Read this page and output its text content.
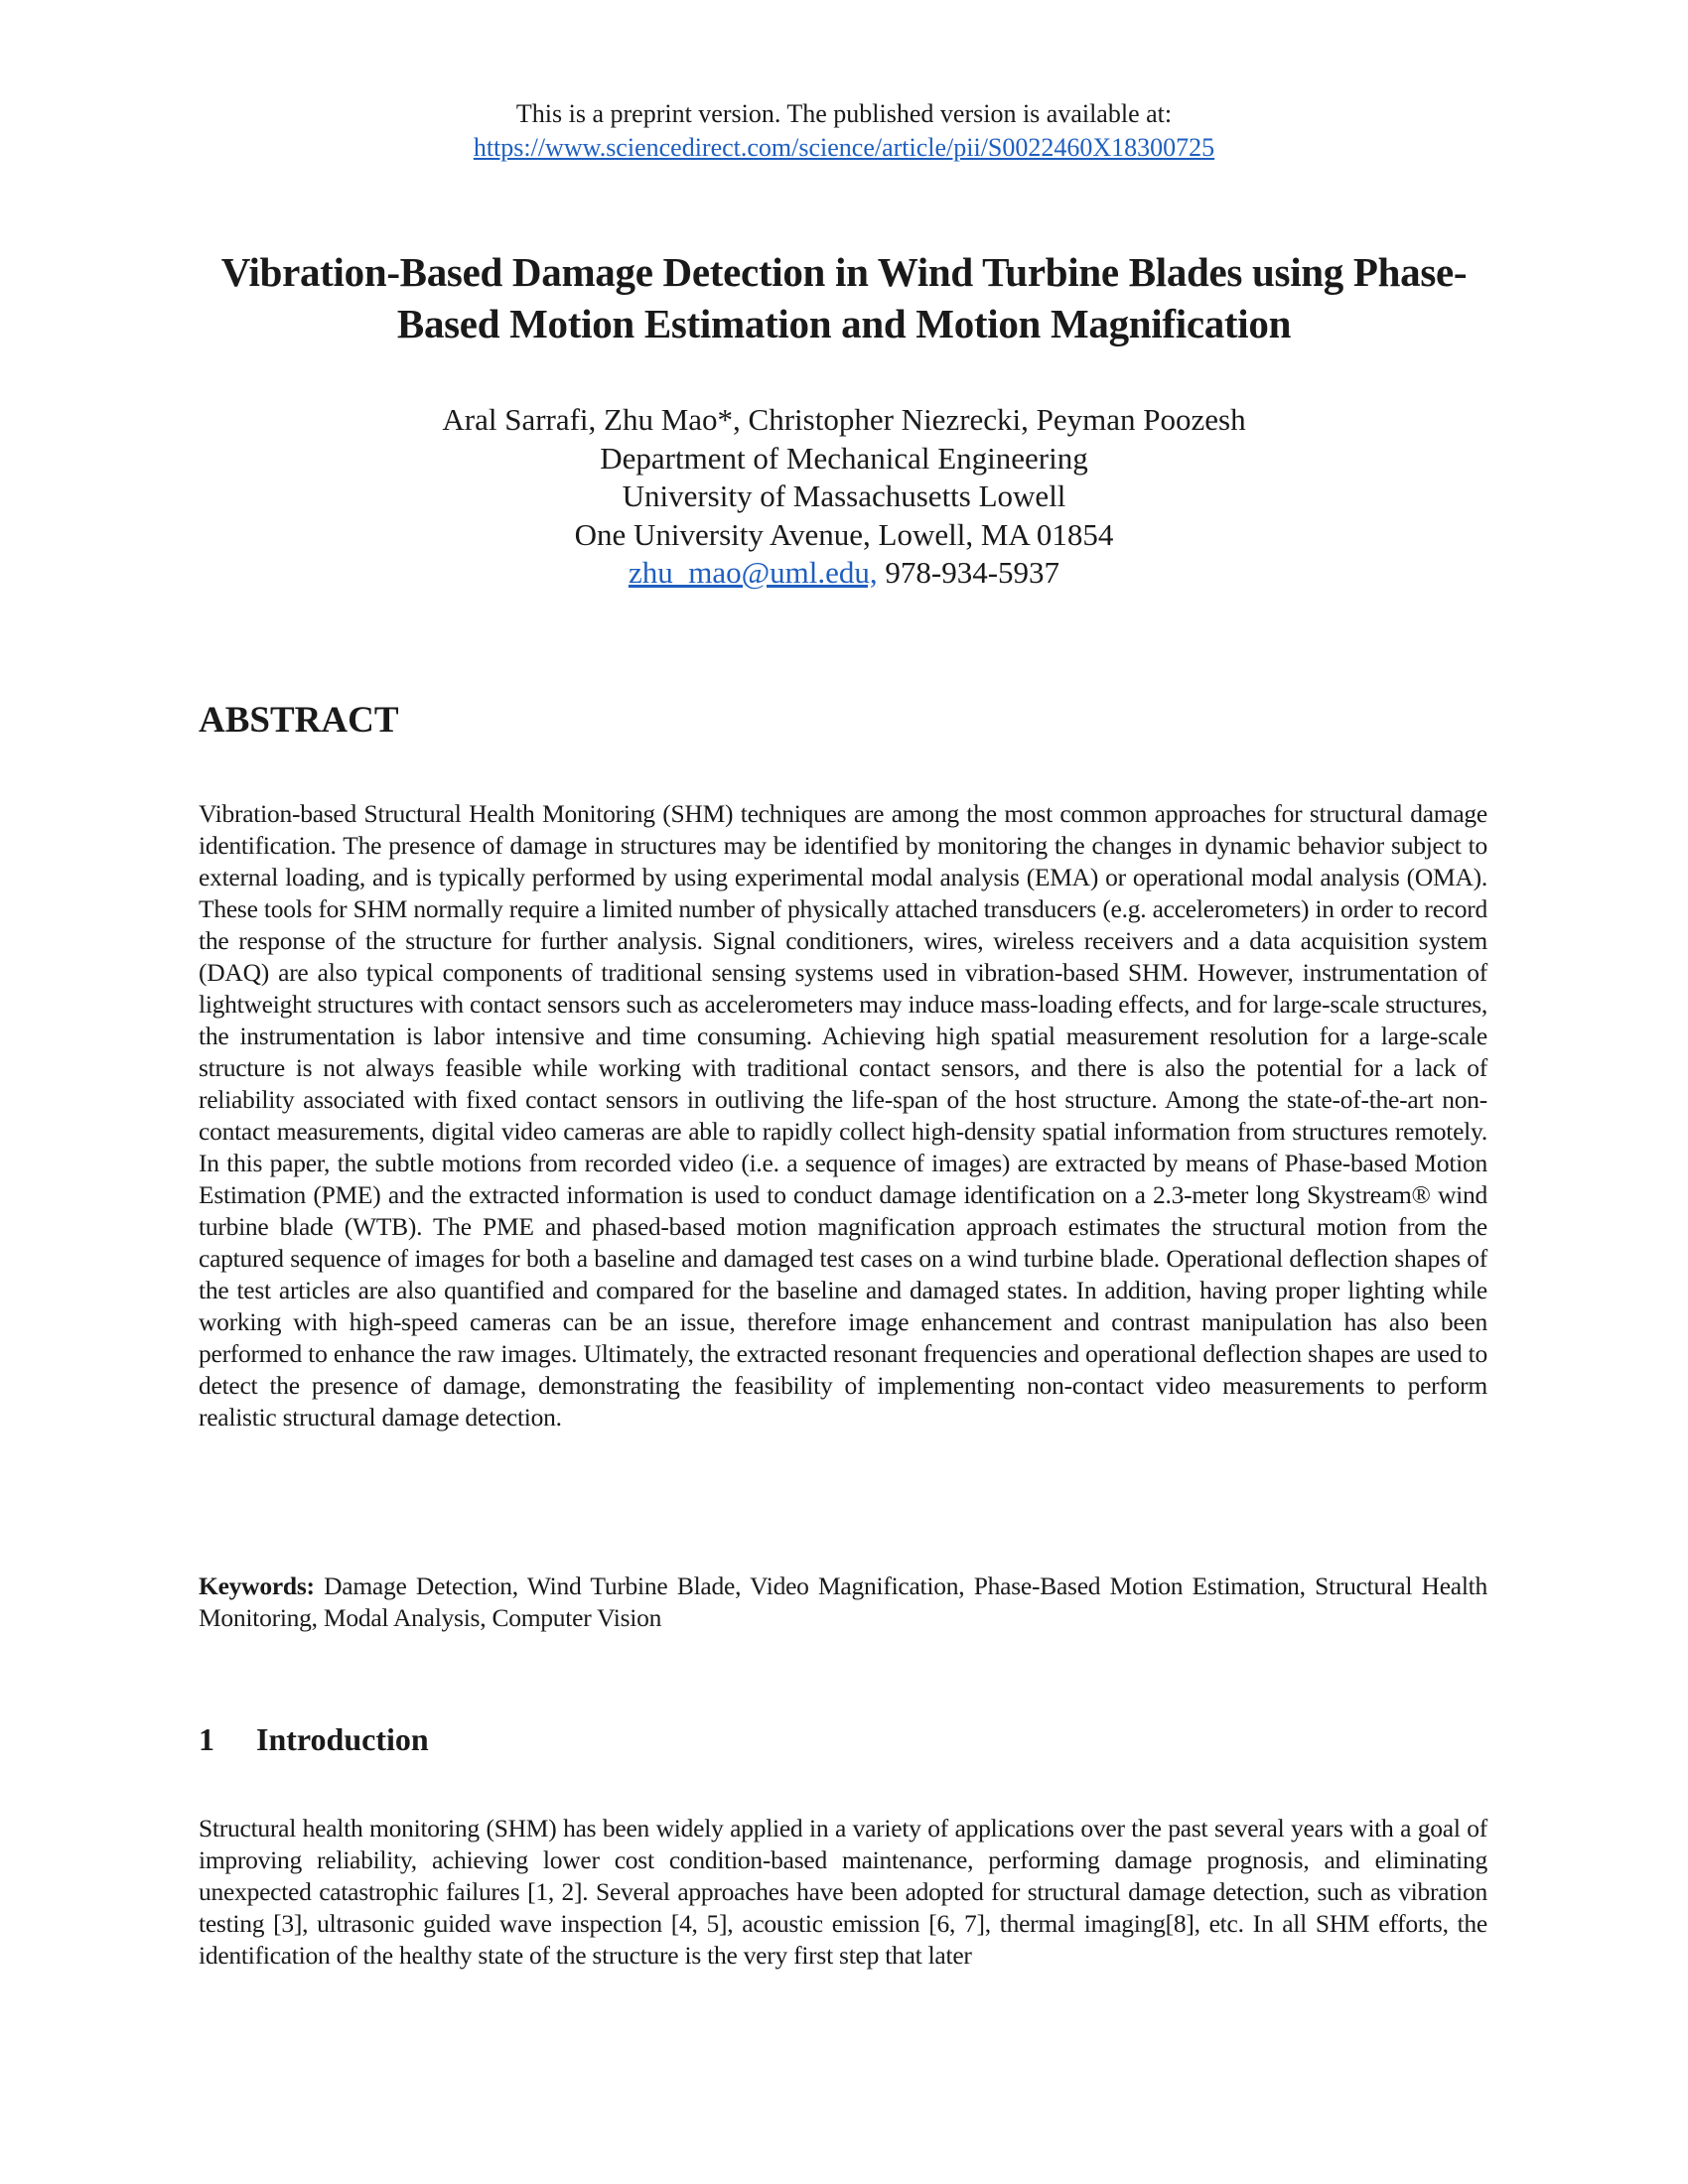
This is a preprint version. The published version is available at:
https://www.sciencedirect.com/science/article/pii/S0022460X18300725
Vibration-Based Damage Detection in Wind Turbine Blades using Phase-Based Motion Estimation and Motion Magnification
Aral Sarrafi, Zhu Mao*, Christopher Niezrecki, Peyman Poozesh
Department of Mechanical Engineering
University of Massachusetts Lowell
One University Avenue, Lowell, MA 01854
zhu_mao@uml.edu, 978-934-5937
ABSTRACT

Vibration-based Structural Health Monitoring (SHM) techniques are among the most common approaches for structural damage identification. The presence of damage in structures may be identified by monitoring the changes in dynamic behavior subject to external loading, and is typically performed by using experimental modal analysis (EMA) or operational modal analysis (OMA). These tools for SHM normally require a limited number of physically attached transducers (e.g. accelerometers) in order to record the response of the structure for further analysis. Signal conditioners, wires, wireless receivers and a data acquisition system (DAQ) are also typical components of traditional sensing systems used in vibration-based SHM. However, instrumentation of lightweight structures with contact sensors such as accelerometers may induce mass-loading effects, and for large-scale structures, the instrumentation is labor intensive and time consuming. Achieving high spatial measurement resolution for a large-scale structure is not always feasible while working with traditional contact sensors, and there is also the potential for a lack of reliability associated with fixed contact sensors in outliving the life-span of the host structure. Among the state-of-the-art non-contact measurements, digital video cameras are able to rapidly collect high-density spatial information from structures remotely. In this paper, the subtle motions from recorded video (i.e. a sequence of images) are extracted by means of Phase-based Motion Estimation (PME) and the extracted information is used to conduct damage identification on a 2.3-meter long Skystream® wind turbine blade (WTB). The PME and phased-based motion magnification approach estimates the structural motion from the captured sequence of images for both a baseline and damaged test cases on a wind turbine blade. Operational deflection shapes of the test articles are also quantified and compared for the baseline and damaged states. In addition, having proper lighting while working with high-speed cameras can be an issue, therefore image enhancement and contrast manipulation has also been performed to enhance the raw images. Ultimately, the extracted resonant frequencies and operational deflection shapes are used to detect the presence of damage, demonstrating the feasibility of implementing non-contact video measurements to perform realistic structural damage detection.

Keywords: Damage Detection, Wind Turbine Blade, Video Magnification, Phase-Based Motion Estimation, Structural Health Monitoring, Modal Analysis, Computer Vision

1 Introduction

Structural health monitoring (SHM) has been widely applied in a variety of applications over the past several years with a goal of improving reliability, achieving lower cost condition-based maintenance, performing damage prognosis, and eliminating unexpected catastrophic failures [1, 2]. Several approaches have been adopted for structural damage detection, such as vibration testing [3], ultrasonic guided wave inspection [4, 5], acoustic emission [6, 7], thermal imaging[8], etc. In all SHM efforts, the identification of the healthy state of the structure is the very first step that later
